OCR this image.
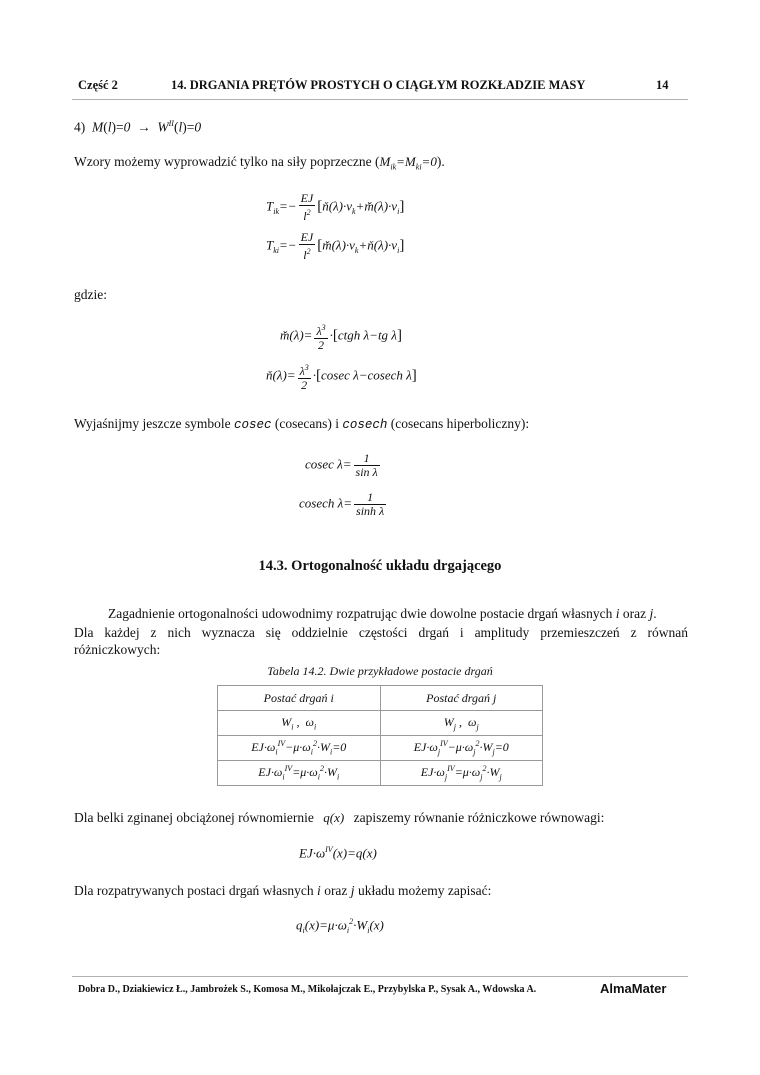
Część 2	14. DRGANIA PRĘTÓW PROSTYCH O CIĄGŁYM ROZKŁADZIE MASY	14
4)  $M(l)=0 \to W^{II}(l)=0$
Wzory możemy wyprowadzić tylko na siły poprzeczne $(M_{ik}=M_{ki}=0)$.
$T_{ik}=- \frac{EJ}{l^2}$ $[ň(\lambda)\cdot v_k+m̌(\lambda)\cdot v_i]$
$T_{ki}=- \frac{EJ}{l^2}$ $[m̌(\lambda)\cdot v_k+ň(\lambda)\cdot v_i]$
gdzie:
m̌(λ)= $\frac{\lambda^3}{2}$ ·[ctgh λ−tg λ]
ň(λ)= $\frac{\lambda^3}{2} \cdot[cosec$ λ−cosech λ]
Wyjaśnijmy jeszcze symbole cosec (cosecans) i cosech (cosecans hiperboliczny):
cosec $\lambda= \frac{1}{\text{sin λ}}$
cosech $\lambda= \frac{1}{\text{sinh λ}}$
14.3. Ortogonalność układu drgającego
Zagadnienie ortogonalności udowodnimy rozpatrując dwie dowolne postacie drgań własnych i oraz j.
Dla każdej z nich wyznacza się oddzielnie częstości drgań i amplitudy przemieszczeń z równań
różniczkowych:
Tabela 14.2. Dwie przykładowe postacie drgań
Postać drgań i	Postać drgań j
$W_i$ ,  $\omega_i$	$W_j$ ,  $\omega_j$
$EJ\cdot\omega_i^{IV}-\mu\cdot\omega_i^2\cdot W_i=0$	$EJ\cdot\omega_j^{IV}-\mu\cdot\omega_j^2\cdot W_j=0$
$EJ\cdot\omega_i^{IV}=\mu\cdot\omega_i^2\cdot W_i$	$EJ\cdot\omega_j^{IV}=\mu\cdot\omega_j^2\cdot W_j$
Dla belki zginanej obciążonej równomiernie q(x) zapiszemy równanie różniczkowe równowagi:
$EJ\cdot\omega^{IV}(x)=q(x)$
Dla rozpatrywanych postaci drgań własnych i oraz j układu możemy zapisać:
$q_i(x)=\mu\cdot\omega_i^2\cdot W_i(x)$
Dobra D., Dziakiewicz Ł., Jambrożek S., Komosa M., Mikołajczak E., Przybylska P., Sysak A., Wdowska A.	AlmaMater
